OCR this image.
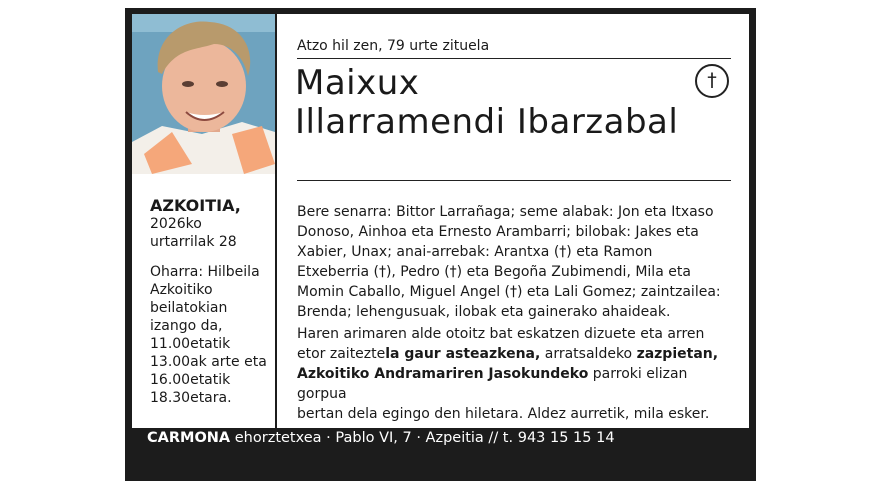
AZKOITIA,
2026ko
urtarrilak 28
Oharra: Hilbeila
Azkoitiko
beilatokian
izango da,
11.00etatik
13.00ak arte eta
16.00etatik
18.30etara.
Atzo hil zen, 79 urte zituela
Maixux
Illarramendi Ibarzabal
†
Bere senarra: Bittor Larrañaga; seme alabak: Jon eta Itxaso
Donoso, Ainhoa eta Ernesto Arambarri; bilobak: Jakes eta
Xabier, Unax; anai-arrebak: Arantxa (†) eta Ramon
Etxeberria (†), Pedro (†) eta Begoña Zubimendi, Mila eta
Momin Caballo, Miguel Angel (†) eta Lali Gomez; zaintzailea:
Brenda; lehengusuak, ilobak eta gainerako ahaideak.
Haren arimaren alde otoitz bat eskatzen dizuete eta arren
etor zaiteztela gaur asteazkena, arratsaldeko zazpietan,
Azkoitiko Andramariren Jasokundeko parroki elizan gorpua
bertan dela egingo den hiletara. Aldez aurretik, mila esker.
CARMONA ehorztetxea · Pablo VI, 7 · Azpeitia // t. 943 15 15 14
